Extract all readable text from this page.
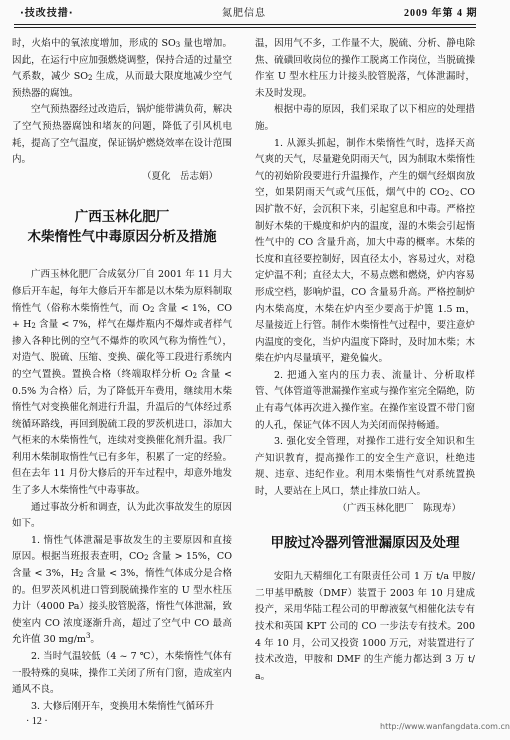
·技改技措·	氮肥信息	2009 年第 4 期

时，火焰中的氧浓度增加，形成的 $SO_3$ 量也增加。因此，在运行中应加强燃烧调整，保持合适的过量空气系数，减少 $SO_2$ 生成，从而最大限度地减少空气预热器的腐蚀。

空气预热器经过改造后，锅炉能带满负荷，解决了空气预热器腐蚀和堵灰的问题，降低了引风机电耗，提高了空气温度，保证锅炉燃烧效率在设计范围内。

（夏化　岳志娟）

广西玉林化肥厂
木柴惰性气中毒原因分析及措施

广西玉林化肥厂合成氨分厂自 2001 年 11 月大修后开车起，每年大修后开车都是以木柴为原料制取惰性气（俗称木柴惰性气，而 $O_2$ 含量 < 1%，CO + $H_2$ 含量 < 7%，样气在爆炸瓶内不爆炸或者样气掺入各种比例的空气不爆炸的吹风气称为惰性气），对造气、脱硫、压缩、变换、碳化等工段进行系统内的空气置换。置换合格（终端取样分析 $O_2$ 含量 < 0.5% 为合格）后，为了降低开车费用，继续用木柴惰性气对变换催化剂进行升温，升温后的气体经过系统循环路线，再回到脱硫工段的罗茨机进口，添加大气柜来的木柴惰性气，连续对变换催化剂升温。我厂利用木柴制取惰性气已有多年，积累了一定的经验。但在去年 11 月份大修后的开车过程中，却意外地发生了多人木柴惰性气中毒事故。

通过事故分析和调查，认为此次事故发生的原因如下。

1. 惰性气体泄漏是事故发生的主要原因和直接原因。根据当班报表查明，$CO_2$ 含量 > 15%，CO 含量 < 3%，$H_2$ 含量 < 3%，惰性气体成分是合格的。但罗茨风机进口管到脱硫操作室的 U 型水柱压力计（4000 Pa）接头胶管脱落，惰性气体泄漏，致使室内 CO 浓度逐渐升高，超过了空气中 CO 最高允许值 30 $mg/m^3$。

2. 当时气温较低（4 ~ 7 ℃），木柴惰性气体有一股特殊的臭味，操作工关闭了所有门窗，造成室内通风不良。

3. 大修后刚开车，变换用木柴惰性气循环升

温，因用气不多，工作量不大，脱硫、分析、静电除焦、硫磺回收岗位的操作工脱离工作岗位，当脱硫操作室 U 型水柱压力计接头胶管脱落，气体泄漏时，未及时发现。

根据中毒的原因，我们采取了以下相应的处理措施。

1. 从源头抓起，制作木柴惰性气时，选择天高气爽的天气，尽量避免阴雨天气，因为制取木柴惰性气的初始阶段要进行升温操作，产生的烟气经烟囱放空，如果阴雨天气或气压低，烟气中的 $CO_2$、CO 因扩散不好，会沉积下来，引起窒息和中毒。严格控制好木柴的干燥度和炉内的温度，湿的木柴会引起惰性气中的 CO 含量升高，加大中毒的概率。木柴的长度和直径要控制好，因直径太小，容易过火，对稳定炉温不利；直径太大，不易点燃和燃烧，炉内容易形成空档，影响炉温，CO 含量易升高。严格控制炉内木柴高度，木柴在炉内至少要高于炉篦 1.5 m，尽量接近上行管。制作木柴惰性气过程中，要注意炉内温度的变化，当炉内温度下降时，及时加木柴；木柴在炉内尽量填平，避免偏火。

2. 把通入室内的压力表、流量计、分析取样管、气体管道等泄漏操作室或与操作室完全隔绝，防止有毒气体再次进入操作室。在操作室设置不带门窗的人孔，保证气体不因人为关闭而保持畅通。

3. 强化安全管理，对操作工进行安全知识和生产知识教育，提高操作工的安全生产意识，杜绝违规、违章、违纪作业。利用木柴惰性气对系统置换时，人要站在上风口，禁止排放口站人。

（广西玉林化肥厂　陈现寿）

甲胺过冷器列管泄漏原因及处理

安阳九天精细化工有限责任公司 1 万 t/a 甲胺/二甲基甲酰胺（DMF）装置于 2003 年 10 月建成投产，采用华陆工程公司的甲醇液氨气相催化法专有技术和英国 KPT 公司的 CO 一步法专有技术。2004 年 10 月，公司又投资 1000 万元，对装置进行了技术改造，甲胺和 DMF 的生产能力都达到 3 万 t/a。

· 12 ·	http://www.wanfangdata.com.cn
